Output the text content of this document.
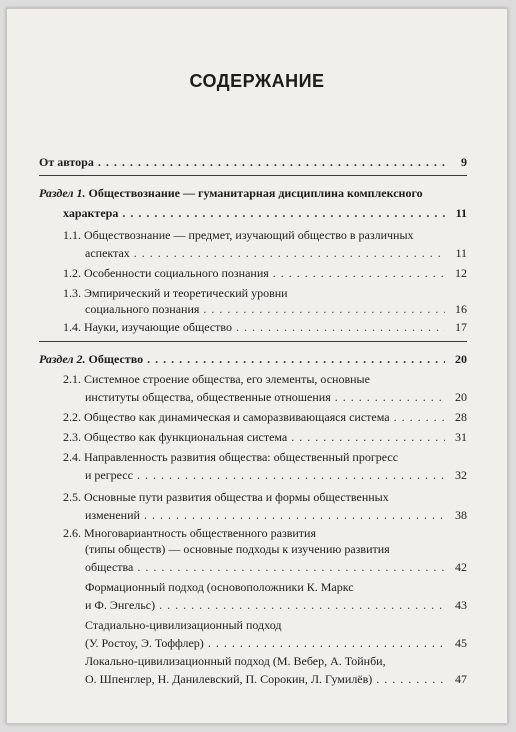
СОДЕРЖАНИЕ
От автора . . .	9
Раздел 1. Обществознание — гуманитарная дисциплина комплексного
характера . . .	11
1.1. Обществознание — предмет, изучающий общество в различных
аспектах . . .	11
1.2. Особенности социального познания . . .	12
1.3. Эмпирический и теоретический уровни
социального познания . . .	16
1.4. Науки, изучающие общество . . .	17
Раздел 2. Общество . . .	20
2.1. Системное строение общества, его элементы, основные
институты общества, общественные отношения . . .	20
2.2. Общество как динамическая и саморазвивающаяся система . . .	28
2.3. Общество как функциональная система . . .	31
2.4. Направленность развития общества: общественный прогресс
и регресс . . .	32
2.5. Основные пути развития общества и формы общественных
изменений . . .	38
2.6. Многовариантность общественного развития
(типы обществ) — основные подходы к изучению развития
общества . . .	42
Формационный подход (основоположники К. Маркс
и Ф. Энгельс) . . .	43
Стадиально-цивилизационный подход
(У. Ростоу, Э. Тоффлер) . . .	45
Локально-цивилизационный подход (М. Вебер, А. Тойнби,
О. Шпенглер, Н. Данилевский, П. Сорокин, Л. Гумилёв) . . .	47
